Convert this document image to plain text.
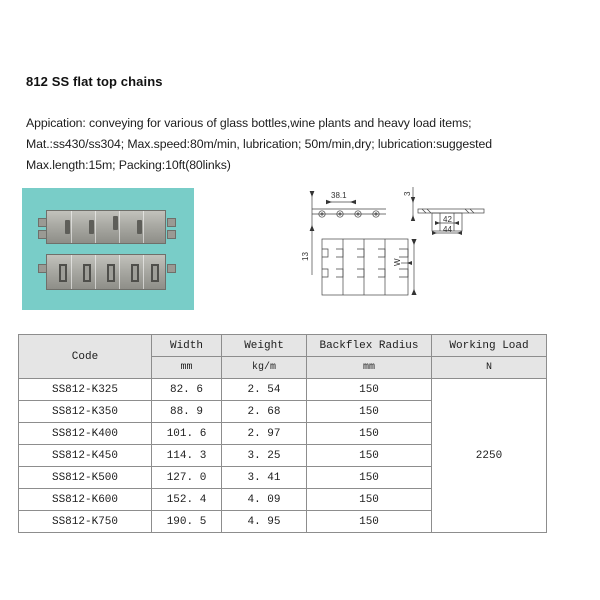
812 SS flat top chains
Appication: conveying for various of glass bottles,wine plants and heavy load items;
Mat.:ss430/ss304; Max.speed:80m/min, lubrication; 50m/min,dry; lubrication:suggested
Max.length:15m; Packing:10ft(80links)
38.1
42
44
3
13
W
Code	Width	Weight	Backflex Radius	Working Load
	mm	kg/m	mm	N
SS812-K325	82. 6	2. 54	150	2250
SS812-K350	88. 9	2. 68	150	
SS812-K400	101. 6	2. 97	150	
SS812-K450	114. 3	3. 25	150	
SS812-K500	127. 0	3. 41	150	
SS812-K600	152. 4	4. 09	150	
SS812-K750	190. 5	4. 95	150	
